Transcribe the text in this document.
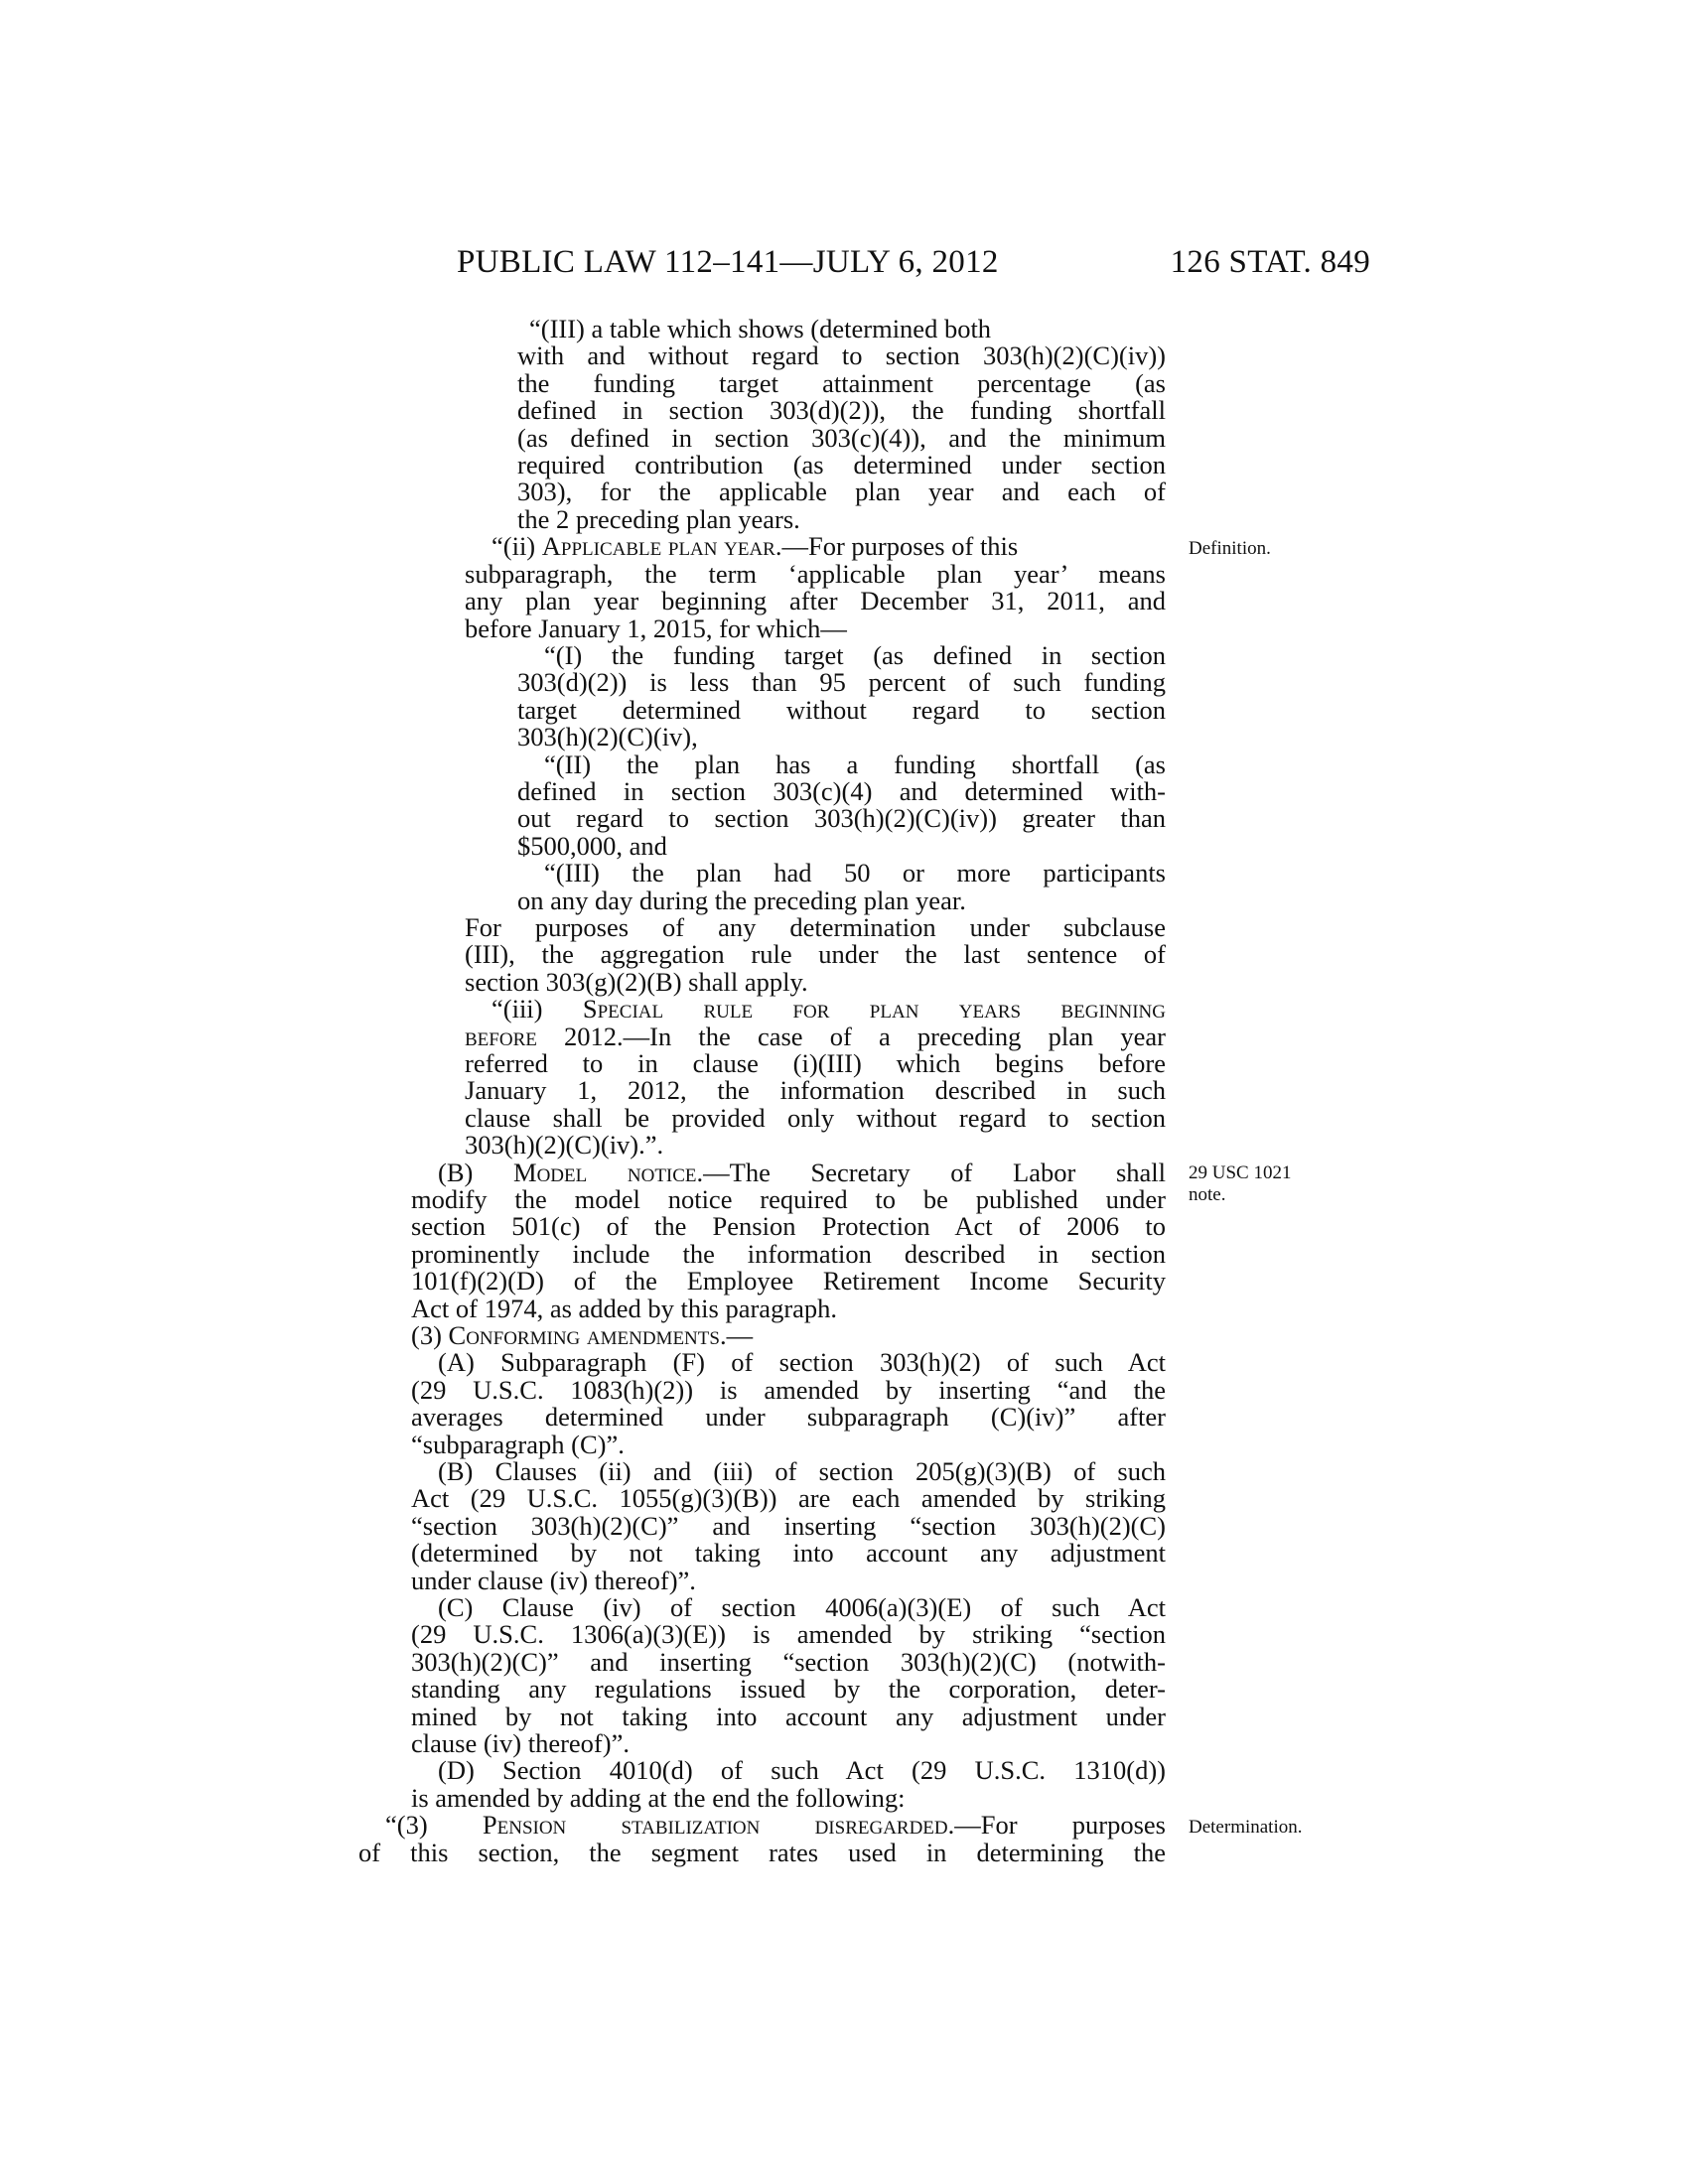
PUBLIC LAW 112–141—JULY 6, 2012	126 STAT. 849
“(III) a table which shows (determined both
with and without regard to section 303(h)(2)(C)(iv))
the funding target attainment percentage (as
defined in section 303(d)(2)), the funding shortfall
(as defined in section 303(c)(4)), and the minimum
required contribution (as determined under section
303), for the applicable plan year and each of
the 2 preceding plan years.
“(ii) Applicable plan year.—For purposes of this	Definition.
subparagraph, the term ‘applicable plan year’ means
any plan year beginning after December 31, 2011, and
before January 1, 2015, for which—
“(I) the funding target (as defined in section
303(d)(2)) is less than 95 percent of such funding
target determined without regard to section
303(h)(2)(C)(iv),
“(II) the plan has a funding shortfall (as
defined in section 303(c)(4) and determined with-
out regard to section 303(h)(2)(C)(iv)) greater than
$500,000, and
“(III) the plan had 50 or more participants
on any day during the preceding plan year.
For purposes of any determination under subclause
(III), the aggregation rule under the last sentence of
section 303(g)(2)(B) shall apply.
“(iii) Special rule for plan years beginning
before 2012.—In the case of a preceding plan year
referred to in clause (i)(III) which begins before
January 1, 2012, the information described in such
clause shall be provided only without regard to section
303(h)(2)(C)(iv).”.
(B) Model notice.—The Secretary of Labor shall 29 USC 1021
note.
modify the model notice required to be published under
section 501(c) of the Pension Protection Act of 2006 to
prominently include the information described in section
101(f)(2)(D) of the Employee Retirement Income Security
Act of 1974, as added by this paragraph.
(3) Conforming amendments.—
(A) Subparagraph (F) of section 303(h)(2) of such Act
(29 U.S.C. 1083(h)(2)) is amended by inserting “and the
averages determined under subparagraph (C)(iv)” after
“subparagraph (C)”.
(B) Clauses (ii) and (iii) of section 205(g)(3)(B) of such
Act (29 U.S.C. 1055(g)(3)(B)) are each amended by striking
“section 303(h)(2)(C)” and inserting “section 303(h)(2)(C)
(determined by not taking into account any adjustment
under clause (iv) thereof)”.
(C) Clause (iv) of section 4006(a)(3)(E) of such Act
(29 U.S.C. 1306(a)(3)(E)) is amended by striking “section
303(h)(2)(C)” and inserting “section 303(h)(2)(C) (notwith-
standing any regulations issued by the corporation, deter-
mined by not taking into account any adjustment under
clause (iv) thereof)”.
(D) Section 4010(d) of such Act (29 U.S.C. 1310(d))
is amended by adding at the end the following:
“(3) Pension stabilization disregarded.—For purposes Determination.
of this section, the segment rates used in determining the
